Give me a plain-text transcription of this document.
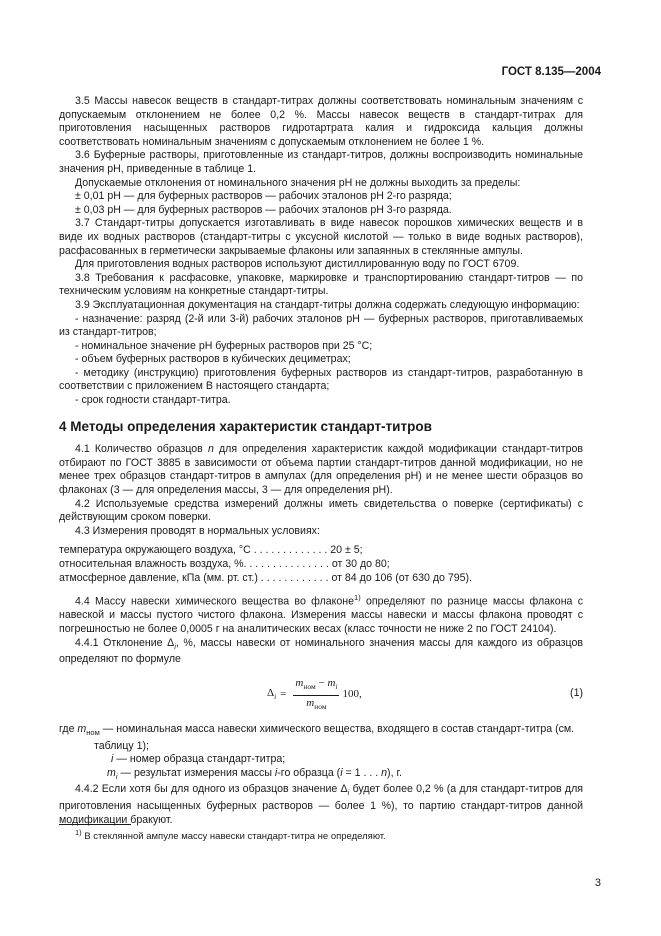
ГОСТ 8.135—2004

3.5 Массы навесок веществ в стандарт-титрах должны соответствовать номинальным значениям с допускаемым отклонением не более 0,2 %. Массы навесок веществ в стандарт-титрах для приготовления насыщенных растворов гидротартрата калия и гидроксида кальция должны соответствовать номинальным значениям с допускаемым отклонением не более 1 %.

3.6 Буферные растворы, приготовленные из стандарт-титров, должны воспроизводить номинальные значения pH, приведенные в таблице 1.

Допускаемые отклонения от номинального значения pH не должны выходить за пределы:

± 0,01 pH — для буферных растворов — рабочих эталонов pH 2-го разряда;

± 0,03 pH — для буферных растворов — рабочих эталонов pH 3-го разряда.

3.7 Стандарт-титры допускается изготавливать в виде навесок порошков химических веществ и в виде их водных растворов (стандарт-титры с уксусной кислотой — только в виде водных растворов), расфасованных в герметически закрываемые флаконы или запаянных в стеклянные ампулы.

Для приготовления водных растворов используют дистиллированную воду по ГОСТ 6709.

3.8 Требования к расфасовке, упаковке, маркировке и транспортированию стандарт-титров — по техническим условиям на конкретные стандарт-титры.

3.9 Эксплуатационная документация на стандарт-титры должна содержать следующую информацию:

- назначение: разряд (2-й или 3-й) рабочих эталонов pH — буферных растворов, приготавливаемых из стандарт-титров;

- номинальное значение pH буферных растворов при 25 °C;

- объем буферных растворов в кубических дециметрах;

- методику (инструкцию) приготовления буферных растворов из стандарт-титров, разработанную в соответствии с приложением В настоящего стандарта;

- срок годности стандарт-титра.

4 Методы определения характеристик стандарт-титров

4.1 Количество образцов n для определения характеристик каждой модификации стандарт-титров отбирают по ГОСТ 3885 в зависимости от объема партии стандарт-титров данной модификации, но не менее трех образцов стандарт-титров в ампулах (для определения pH) и не менее шести образцов во флаконах (3 — для определения массы, 3 — для определения pH).

4.2 Используемые средства измерений должны иметь свидетельства о поверке (сертификаты) с действующим сроком поверки.

4.3 Измерения проводят в нормальных условиях:

температура окружающего воздуха, °C . . . . . . . . . . . . . 20 ± 5;
относительная влажность воздуха, %. . . . . . . . . . . . . . . от 30 до 80;
атмосферное давление, кПа (мм. рт. ст.) . . . . . . . . . . . . от 84 до 106 (от 630 до 795).

4.4 Массу навески химического вещества во флаконе$^{1)}$ определяют по разнице массы флакона с навеской и массы пустого чистого флакона. Измерения массы навески и массы флакона проводят с погрешностью не более 0,0005 г на аналитических весах (класс точности не ниже 2 по ГОСТ 24104).

4.4.1 Отклонение $\Delta_i$, %, массы навески от номинального значения массы для каждого из образцов определяют по формуле

$\Delta_i = \frac{m_{ном} - m_i}{m_{ном}} 100$,	(1)
где $m_{ном}$ — номинальная масса навески химического вещества, входящего в состав стандарт-титра (см.
таблицу 1);
i — номер образца стандарт-титра;
$m_i$ — результат измерения массы i-го образца (i = 1 . . . n), г.

4.4.2 Если хотя бы для одного из образцов значение $\Delta_i$ будет более 0,2 % (а для стандарт-титров для приготовления насыщенных буферных растворов — более 1 %), то партию стандарт-титров данной модификации бракуют.

$^{1)}$ В стеклянной ампуле массу навески стандарт-титра не определяют.
3
